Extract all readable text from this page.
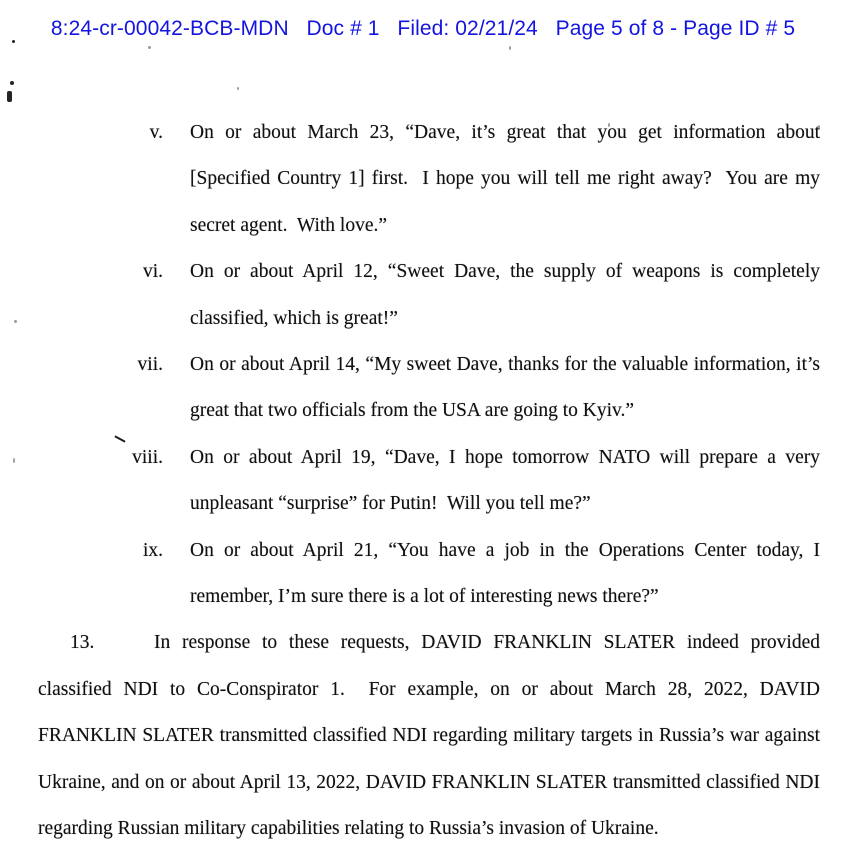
8:24-cr-00042-BCB-MDN   Doc # 1   Filed: 02/21/24   Page 5 of 8 - Page ID # 5
v. On or about March 23, “Dave, it’s great that you get information about [Specified Country 1] first.  I hope you will tell me right away?  You are my secret agent.  With love.”
vi. On or about April 12, “Sweet Dave, the supply of weapons is completely classified, which is great!”
vii. On or about April 14, “My sweet Dave, thanks for the valuable information, it’s great that two officials from the USA are going to Kyiv.”
viii. On or about April 19, “Dave, I hope tomorrow NATO will prepare a very unpleasant “surprise” for Putin!  Will you tell me?”
ix. On or about April 21, “You have a job in the Operations Center today, I remember, I’m sure there is a lot of interesting news there?”
13.	In response to these requests, DAVID FRANKLIN SLATER indeed provided classified NDI to Co-Conspirator 1.  For example, on or about March 28, 2022, DAVID FRANKLIN SLATER transmitted classified NDI regarding military targets in Russia’s war against Ukraine, and on or about April 13, 2022, DAVID FRANKLIN SLATER transmitted classified NDI regarding Russian military capabilities relating to Russia’s invasion of Ukraine.
